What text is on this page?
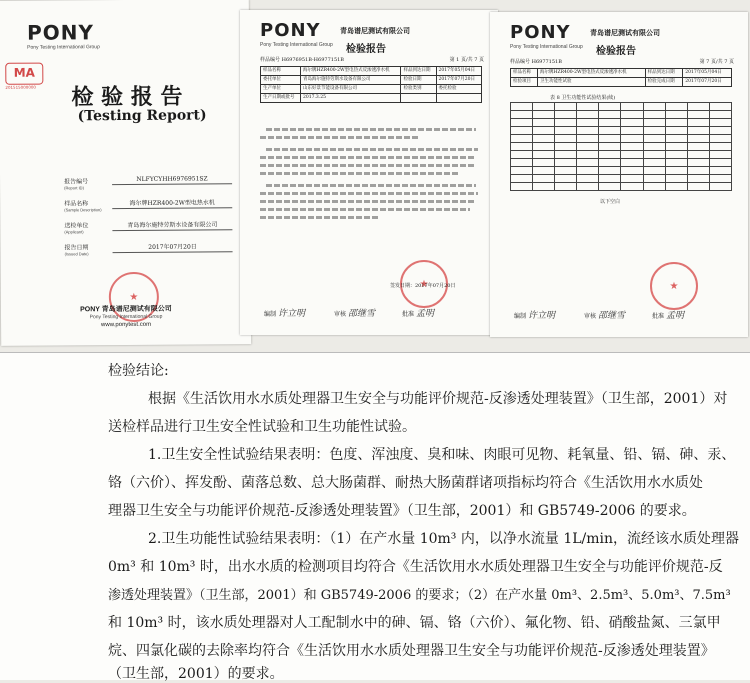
PONY
Pony Testing International Group
MA
201515000000 检 验 报 告
(Testing Report)
报告编号
(Report ID)
NLFYCYHH6976951SZ
样品名称
(Sample Description)
海尔牌HZR400-2W型电热水机
送检单位
(Applicant)
青岛海尔施特劳斯水设备有限公司
报告日期
(Issued Date)
2017年07月20日
★
PONY 青岛谱尼测试有限公司
Pony Testing International Group
www.ponytest.com
PONY
Pony Testing International Group
青岛谱尼测试有限公司
检验报告
样品编号 H6976951B-H6977151B	第 1 页/共 7 页
样品名称	海尔牌HZR400-2W型电热式反渗透净水机	样品到达日期	2017年05月04日
委托单位	青岛海尔施特劳斯水设备有限公司	检验日期	2017年07月20日
生产单位	山东好景节能设备有限公司	检验类别	委托检验
生产日期或批号	2017.3.25		
★
签发日期：2017年07月20日
编制 许立明	审核 邵继雪	批准 孟明
PONY
Pony Testing International Group
青岛谱尼测试有限公司
检验报告
样品编号 H6977151B	第 7 页/共 7 页
样品名称	海尔牌HZR400-2W型电热式反渗透净水机	样品到达日期	2017年05月04日
检验项目	卫生功能性试验	检验完成日期	2017年07月20日
表 8 卫生功能性试验结果(续)

以下空白
★
编制 许立明	审核 邵继雪	批准 孟明
检验结论:
根据《生活饮用水水质处理器卫生安全与功能评价规范-反渗透处理装置》（卫生部，2001）对
送检样品进行卫生安全性试验和卫生功能性试验。
1.卫生安全性试验结果表明：色度、浑浊度、臭和味、肉眼可见物、耗氧量、铅、镉、砷、汞、
铬（六价）、挥发酚、菌落总数、总大肠菌群、耐热大肠菌群诸项指标均符合《生活饮用水水质处
理器卫生安全与功能评价规范-反渗透处理装置》（卫生部，2001）和 GB5749-2006 的要求。
2.卫生功能性试验结果表明：（1）在产水量 10m³ 内，以净水流量 1L/min，流经该水质处理器
0m³ 和 10m³ 时，出水水质的检测项目均符合《生活饮用水水质处理器卫生安全与功能评价规范-反
渗透处理装置》（卫生部，2001）和 GB5749-2006 的要求；（2）在产水量 0m³、2.5m³、5.0m³、7.5m³
和 10m³ 时，该水质处理器对人工配制水中的砷、镉、铬（六价）、氟化物、铅、硝酸盐氮、三氯甲
烷、四氯化碳的去除率均符合《生活饮用水水质处理器卫生安全与功能评价规范-反渗透处理装置》
（卫生部，2001）的要求。
